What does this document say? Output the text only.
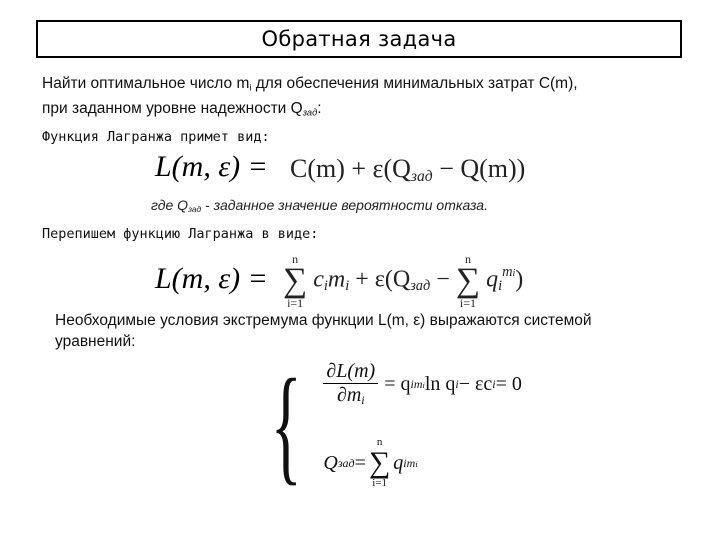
Обратная задача
Найти оптимальное число $m_i$ для обеспечения минимальных затрат C(m),
при заданном уровне надежности $Q_{зад}$:
Функция Лагранжа примет вид:
L(m, $\varepsilon) = C(m) + \varepsilon(Q_{зад} - Q(m))$
где $Q_{зад}$ - заданное значение вероятности отказа.
Перепишем функцию Лагранжа в виде:
L(m, ε) =
n
∑
i=1
$c_im_i + \varepsilon(Q_{зад}$ −
n
∑
i=1
$q_i^{mi}$)
Необходимые условия экстремума функции L(m, ε) выражаются системой
уравнений:
{ $\frac{\partial L(m)}{\partial m_i} = q$ i mi ln q i − εc i = 0
Q зад =
n
∑
i=1
q i mi
